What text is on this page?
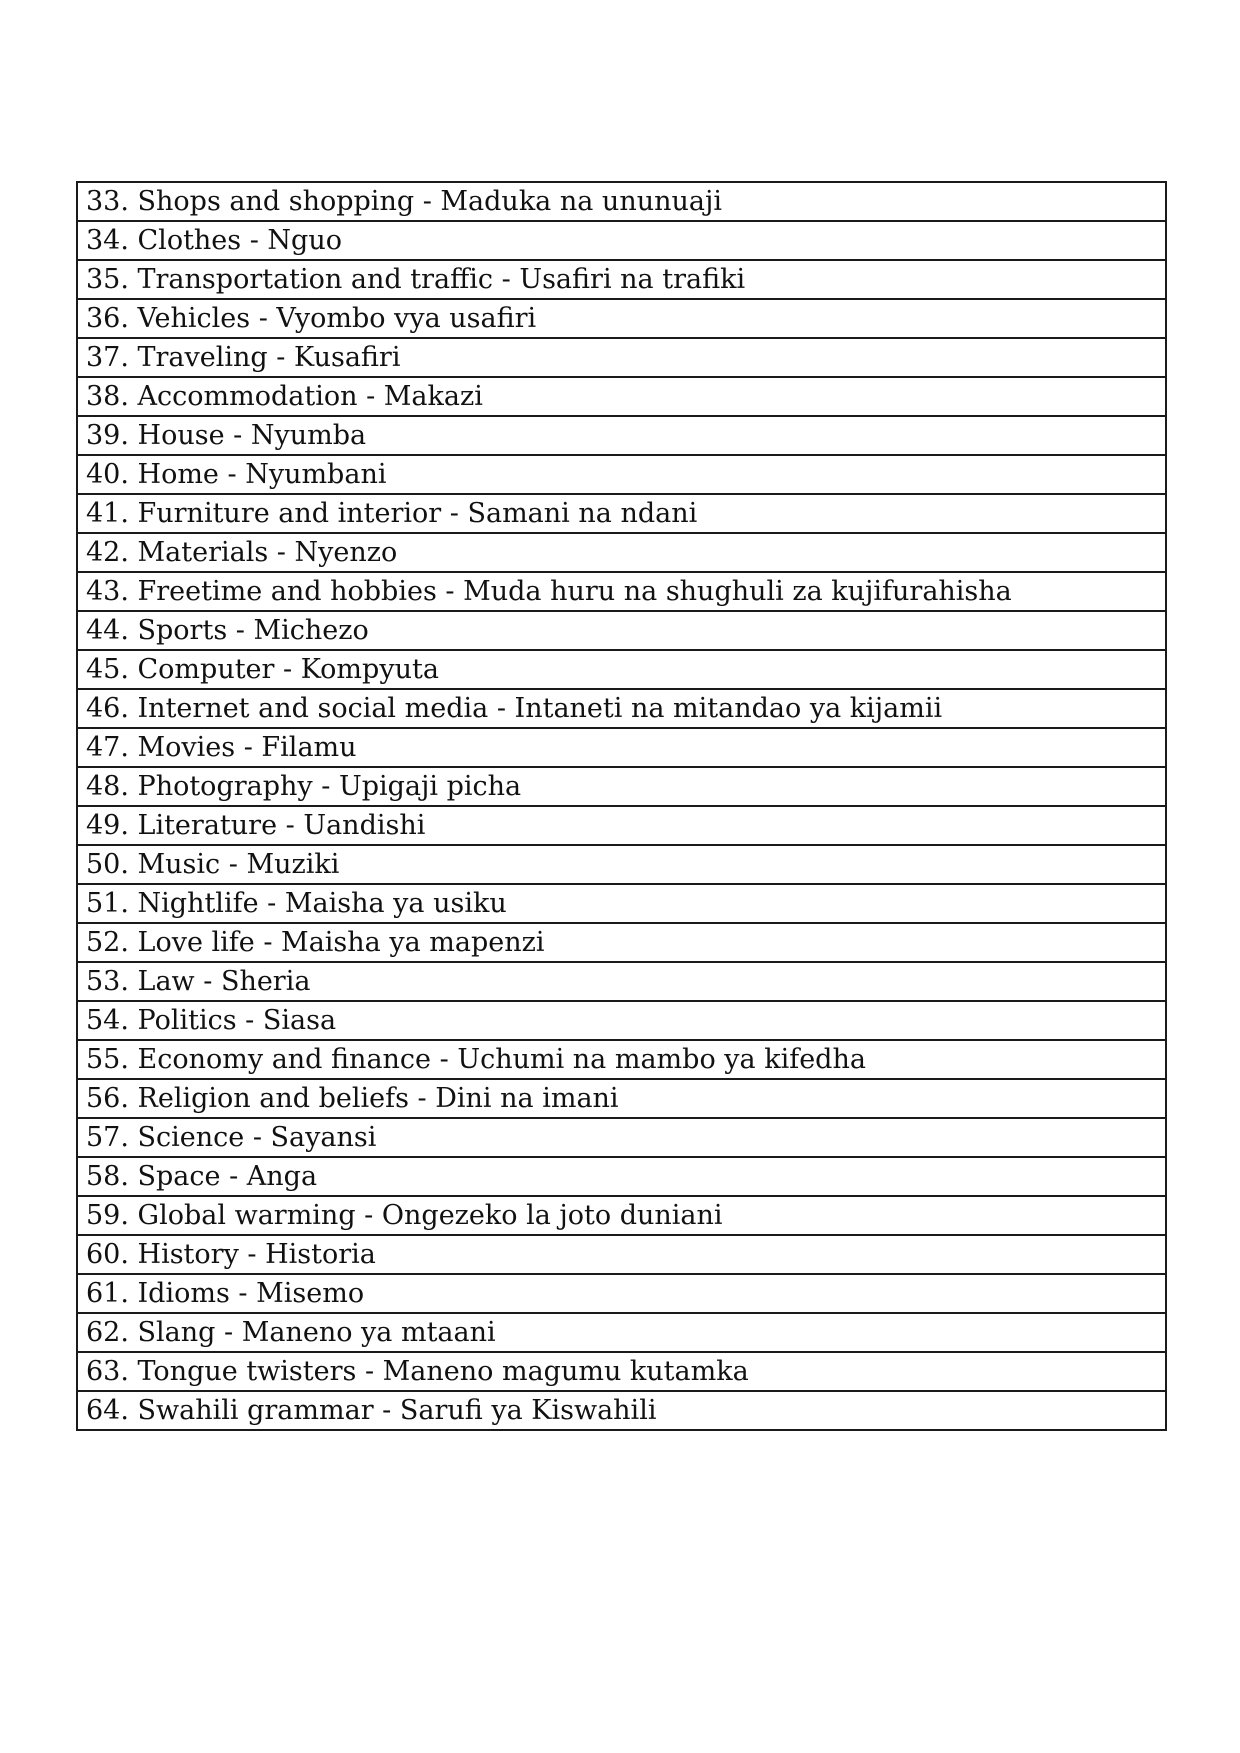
33. Shops and shopping - Maduka na ununuaji
34. Clothes - Nguo
35. Transportation and traffic - Usafiri na trafiki
36. Vehicles - Vyombo vya usafiri
37. Traveling - Kusafiri
38. Accommodation - Makazi
39. House - Nyumba
40. Home - Nyumbani
41. Furniture and interior - Samani na ndani
42. Materials - Nyenzo
43. Freetime and hobbies - Muda huru na shughuli za kujifurahisha
44. Sports - Michezo
45. Computer - Kompyuta
46. Internet and social media - Intaneti na mitandao ya kijamii
47. Movies - Filamu
48. Photography - Upigaji picha
49. Literature - Uandishi
50. Music - Muziki
51. Nightlife - Maisha ya usiku
52. Love life - Maisha ya mapenzi
53. Law - Sheria
54. Politics - Siasa
55. Economy and finance - Uchumi na mambo ya kifedha
56. Religion and beliefs - Dini na imani
57. Science - Sayansi
58. Space - Anga
59. Global warming - Ongezeko la joto duniani
60. History - Historia
61. Idioms - Misemo
62. Slang - Maneno ya mtaani
63. Tongue twisters - Maneno magumu kutamka
64. Swahili grammar - Sarufi ya Kiswahili
